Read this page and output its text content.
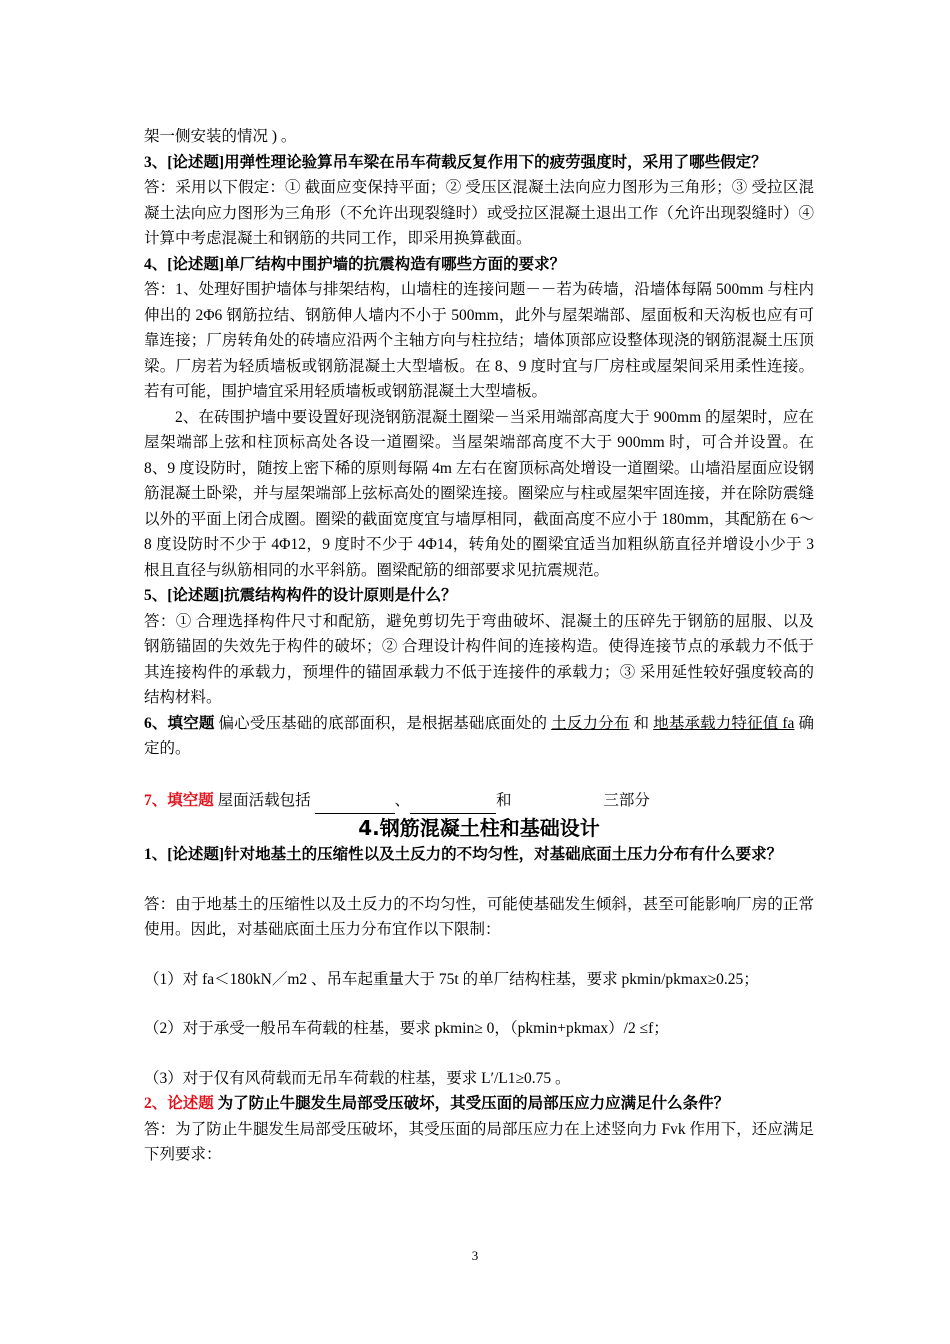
架一侧安装的情况 ) 。

3、[论述题]用弹性理论验算吊车梁在吊车荷载反复作用下的疲劳强度时，采用了哪些假定？

答：采用以下假定：① 截面应变保持平面；② 受压区混凝土法向应力图形为三角形；③ 受拉区混凝土法向应力图形为三角形（不允许出现裂缝时）或受拉区混凝土退出工作（允许出现裂缝时）④ 计算中考虑混凝土和钢筋的共同工作，即采用换算截面。

4、[论述题]单厂结构中围护墙的抗震构造有哪些方面的要求？

答：1、处理好围护墙体与排架结构，山墙柱的连接问题－－若为砖墙，沿墙体每隔 500mm 与柱内伸出的 2Φ6 钢筋拉结、钢筋伸人墙内不小于 500mm，此外与屋架端部、屋面板和天沟板也应有可靠连接；厂房转角处的砖墙应沿两个主轴方向与柱拉结；墙体顶部应设整体现浇的钢筋混凝土压顶梁。厂房若为轻质墙板或钢筋混凝土大型墙板。在 8、9 度时宜与厂房柱或屋架间采用柔性连接。若有可能，围护墙宜采用轻质墙板或钢筋混凝土大型墙板。

2、在砖围护墙中要设置好现浇钢筋混凝土圈梁－当采用端部高度大于 900mm 的屋架时，应在屋架端部上弦和柱顶标高处各设一道圈梁。当屋架端部高度不大于 900mm 时，可合并设置。在 8、9 度设防时，随按上密下稀的原则每隔 4m 左右在窗顶标高处增设一道圈梁。山墙沿屋面应设钢筋混凝土卧梁，并与屋架端部上弦标高处的圈梁连接。圈梁应与柱或屋架牢固连接，并在除防震缝以外的平面上闭合成圈。圈梁的截面宽度宜与墙厚相同，截面高度不应小于 180mm，其配筋在 6～8 度设防时不少于 4Φ12，9 度时不少于 4Φ14，转角处的圈梁宜适当加粗纵筋直径并增设小少于 3 根且直径与纵筋相同的水平斜筋。圈梁配筋的细部要求见抗震规范。

5、[论述题]抗震结构构件的设计原则是什么？

答：① 合理选择构件尺寸和配筋，避免剪切先于弯曲破坏、混凝土的压碎先于钢筋的屈服、以及钢筋锚固的失效先于构件的破坏；② 合理设计构件间的连接构造。使得连接节点的承载力不低于其连接构件的承载力，预埋件的锚固承载力不低于连接件的承载力；③ 采用延性较好强度较高的结构材料。

6、填空题 偏心受压基础的底部面积，是根据基础底面处的 土反力分布 和 地基承载力特征值 fa 确定的。

7、填空题 屋面活载包括	、	和	三部分

4.钢筋混凝土柱和基础设计

1、[论述题]针对地基土的压缩性以及土反力的不均匀性，对基础底面土压力分布有什么要求？

答：由于地基土的压缩性以及土反力的不均匀性，可能使基础发生倾斜，甚至可能影响厂房的正常使用。因此，对基础底面土压力分布宜作以下限制：

（1）对 fa＜180kN／m2 、吊车起重量大于 75t 的单厂结构柱基，要求 pkmin/pkmax≥0.25；

（2）对于承受一般吊车荷载的柱基，要求 pkmin≥ 0，（pkmin+pkmax）/2 ≤f；

（3）对于仅有风荷载而无吊车荷载的柱基，要求 L′/L1≥0.75 。

2、论述题 为了防止牛腿发生局部受压破坏，其受压面的局部压应力应满足什么条件？

答：为了防止牛腿发生局部受压破坏，其受压面的局部压应力在上述竖向力 Fvk 作用下，还应满足下列要求：

3
